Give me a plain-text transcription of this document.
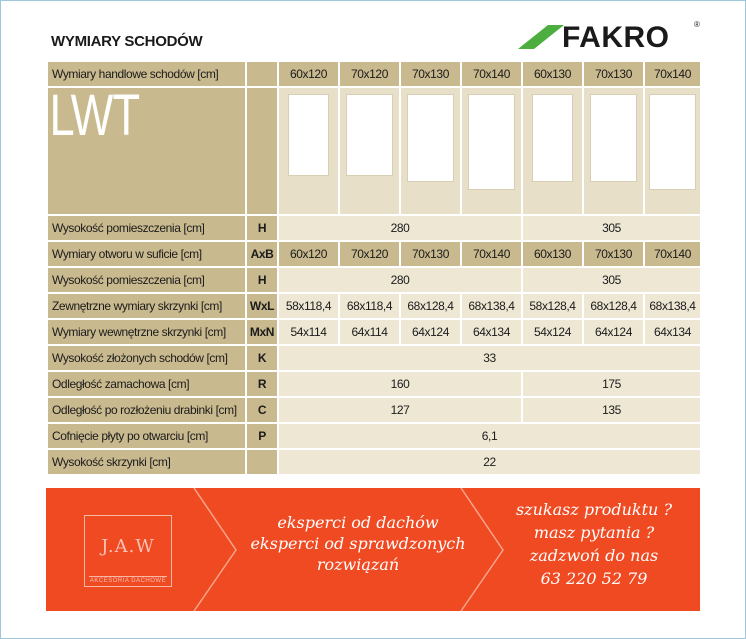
WYMIARY SCHODÓW	FAKRO	®
Wymiary handlowe schodów [cm]		60x120	70x120	70x130	70x140	60x130	70x130	70x140

LWT								

Wysokość pomieszczenia [cm]	H	280				305		
Wymiary otworu w suficie [cm]	AxB	60x120	70x120	70x130	70x140	60x130	70x130	70x140
Wysokość pomieszczenia [cm]	H	280				305		
Zewnętrzne wymiary skrzynki [cm]	WxL	58x118,4	68x118,4	68x128,4	68x138,4	58x128,4	68x128,4	68x138,4
Wymiary wewnętrzne skrzynki [cm]	MxN	54x114	64x114	64x124	64x134	54x124	64x124	64x134
Wysokość złożonych schodów [cm]	K	33						
Odległość zamachowa [cm]	R	160				175		
Odległość po rozłożeniu drabinki [cm]	C	127				135		
Cofnięcie płyty po otwarciu [cm]	P	6,1						
Wysokość skrzynki [cm]		22						
J.A.W
AKCESORIA DACHOWE
eksperci od dachów
eksperci od sprawdzonych
rozwiązań
szukasz produktu ?
masz pytania ?
zadzwoń do nas
63 220 52 79
